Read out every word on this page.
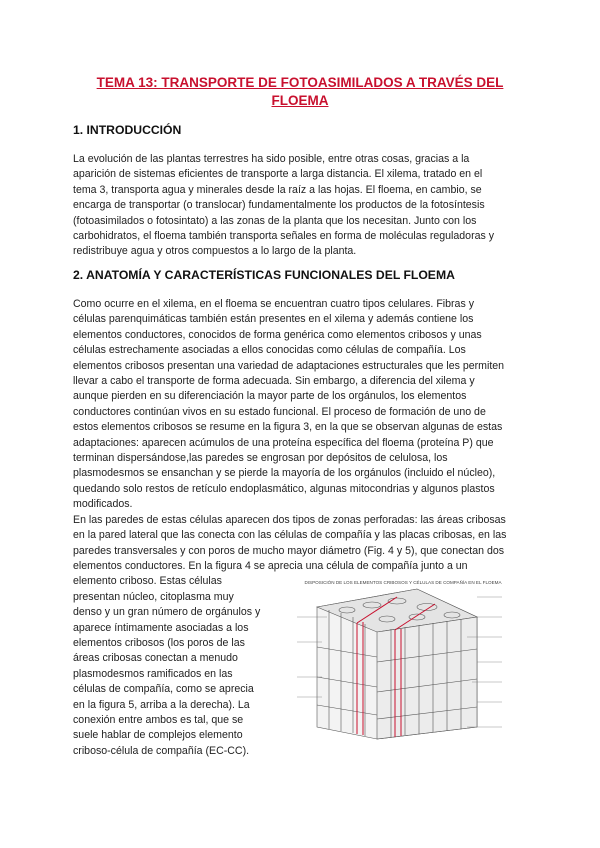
TEMA 13: TRANSPORTE DE FOTOASIMILADOS A TRAVÉS DEL
FLOEMA
1. INTRODUCCIÓN
La evolución de las plantas terrestres ha sido posible, entre otras cosas, gracias a la
aparición de sistemas eficientes de transporte a larga distancia. El xilema, tratado en el
tema 3, transporta agua y minerales desde la raíz a las hojas. El floema, en cambio, se
encarga de transportar (o translocar) fundamentalmente los productos de la fotosíntesis
(fotoasimilados o fotosintato) a las zonas de la planta que los necesitan. Junto con los
carbohidratos, el floema también transporta señales en forma de moléculas reguladoras y
redistribuye agua y otros compuestos a lo largo de la planta.
2. ANATOMÍA Y CARACTERÍSTICAS FUNCIONALES DEL FLOEMA
Como ocurre en el xilema, en el floema se encuentran cuatro tipos celulares. Fibras y
células parenquimáticas también están presentes en el xilema y además contiene los
elementos conductores, conocidos de forma genérica como elementos cribosos y unas
células estrechamente asociadas a ellos conocidas como células de compañía. Los
elementos cribosos presentan una variedad de adaptaciones estructurales que les permiten
llevar a cabo el transporte de forma adecuada. Sin embargo, a diferencia del xilema y
aunque pierden en su diferenciación la mayor parte de los orgánulos, los elementos
conductores continúan vivos en su estado funcional. El proceso de formación de uno de
estos elementos cribosos se resume en la figura 3, en la que se observan algunas de estas
adaptaciones: aparecen acúmulos de una proteína específica del floema (proteína P) que
terminan dispersándose,las paredes se engrosan por depósitos de celulosa, los
plasmodesmos se ensanchan y se pierde la mayoría de los orgánulos (incluido el núcleo),
quedando solo restos de retículo endoplasmático, algunas mitocondrias y algunos plastos
modificados.
En las paredes de estas células aparecen dos tipos de zonas perforadas: las áreas cribosas
en la pared lateral que las conecta con las células de compañía y las placas cribosas, en las
paredes transversales y con poros de mucho mayor diámetro (Fig. 4 y 5), que conectan dos
elementos conductores. En la figura 4 se aprecia una célula de compañía junto a un
elemento criboso. Estas células
presentan núcleo, citoplasma muy
denso y un gran número de orgánulos y
aparece íntimamente asociadas a los
elementos cribosos (los poros de las
áreas cribosas conectan a menudo
plasmodesmos ramificados en las
células de compañía, como se aprecia
en la figura 5, arriba a la derecha). La
conexión entre ambos es tal, que se
suele hablar de complejos elemento
criboso-célula de compañía (EC-CC).
DISPOSICIÓN DE LOS ELEMENTOS CRIBOSOS Y CÉLULAS DE COMPAÑÍA EN EL FLOEMA
